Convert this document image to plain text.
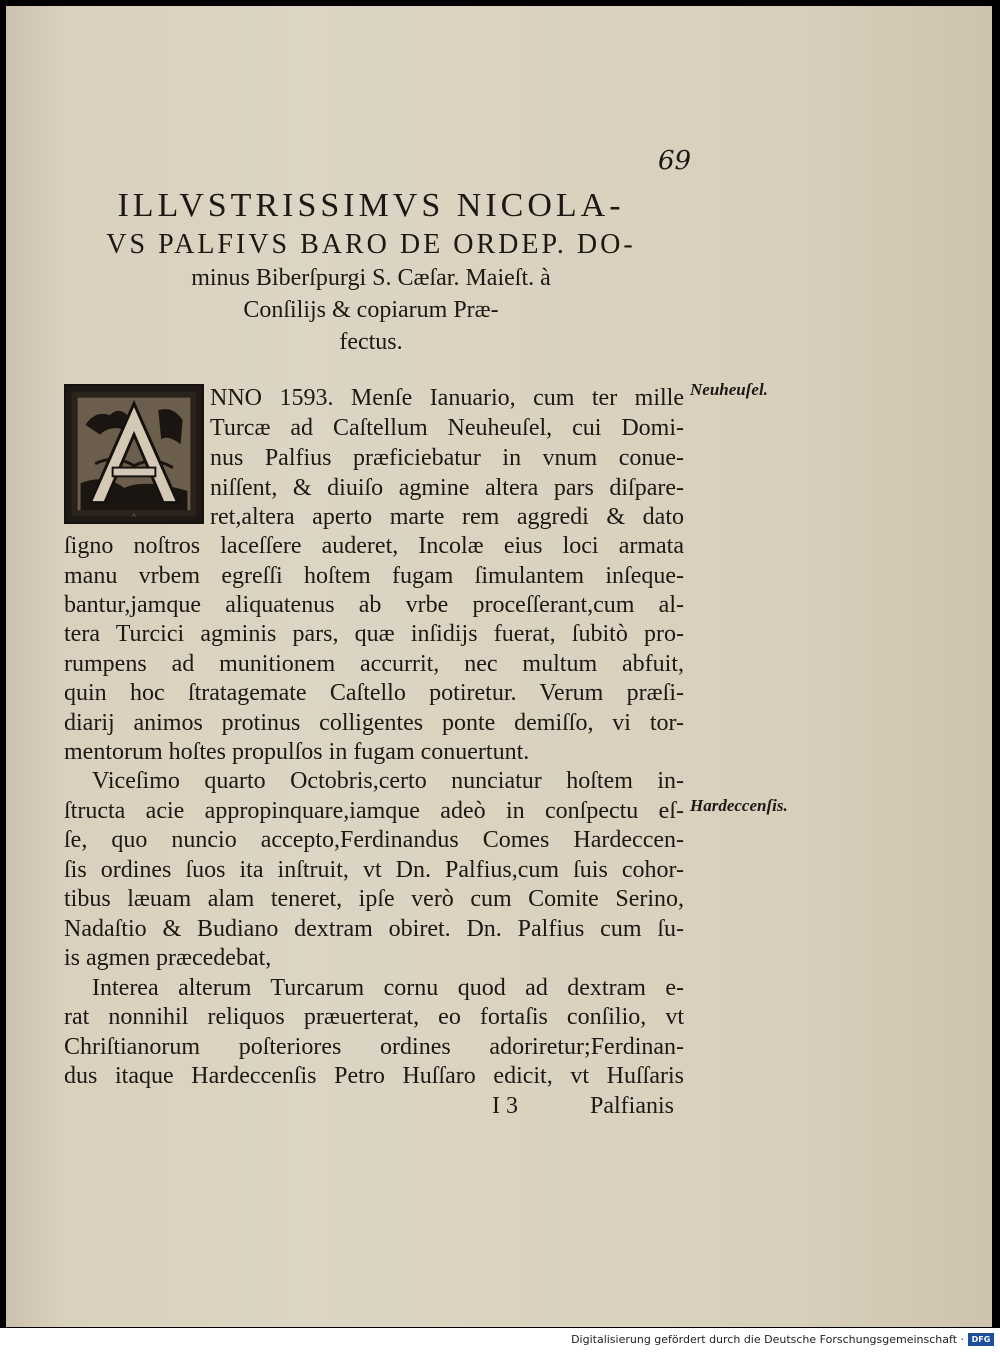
69
ILLVSTRISSIMVS NICOLA-
VS PALFIVS BARO DE ORDEP. DO-
minus Biberſpurgi S. Cæſar. Maieſt. à
Conſilijs & copiarum Præ-
fectus.
A
NNO 1593. Menſe Ianuario, cum ter mille
Turcæ ad Caſtellum Neuheuſel, cui Domi-
nus Palfius præficiebatur in vnum conue-
niſſent, & diuiſo agmine altera pars diſpare-
ret,altera aperto marte rem aggredi & dato
ſigno noſtros laceſſere auderet, Incolæ eius loci armata
manu vrbem egreſſi hoſtem fugam ſimulantem inſeque-
bantur,jamque aliquatenus ab vrbe proceſſerant,cum al-
tera Turcici agminis pars, quæ inſidijs fuerat, ſubitò pro-
rumpens ad munitionem accurrit, nec multum abfuit,
quin hoc ſtratagemate Caſtello potiretur. Verum præſi-
diarij animos protinus colligentes ponte demiſſo, vi tor-
mentorum hoſtes propulſos in fugam conuertunt.
Viceſimo quarto Octobris,certo nunciatur hoſtem in-
ſtructa acie appropinquare,iamque adeò in conſpectu eſ-
ſe, quo nuncio accepto,Ferdinandus Comes Hardeccen-
ſis ordines ſuos ita inſtruit, vt Dn. Palfius,cum ſuis cohor-
tibus læuam alam teneret, ipſe verò cum Comite Serino,
Nadaſtio & Budiano dextram obiret. Dn. Palfius cum ſu-
is agmen præcedebat,
Interea alterum Turcarum cornu quod ad dextram e-
rat nonnihil reliquos præuerterat, eo fortaſis conſilio, vt
Chriſtianorum poſteriores ordines adoriretur;Ferdinan-
dus itaque Hardeccenſis Petro Huſſaro edicit, vt Huſſaris
I 3	Palfianis
Neuheuſel.
Hardeccenſis.
Digitalisierung gefördert durch die Deutsche Forschungsgemeinschaft · DFG
